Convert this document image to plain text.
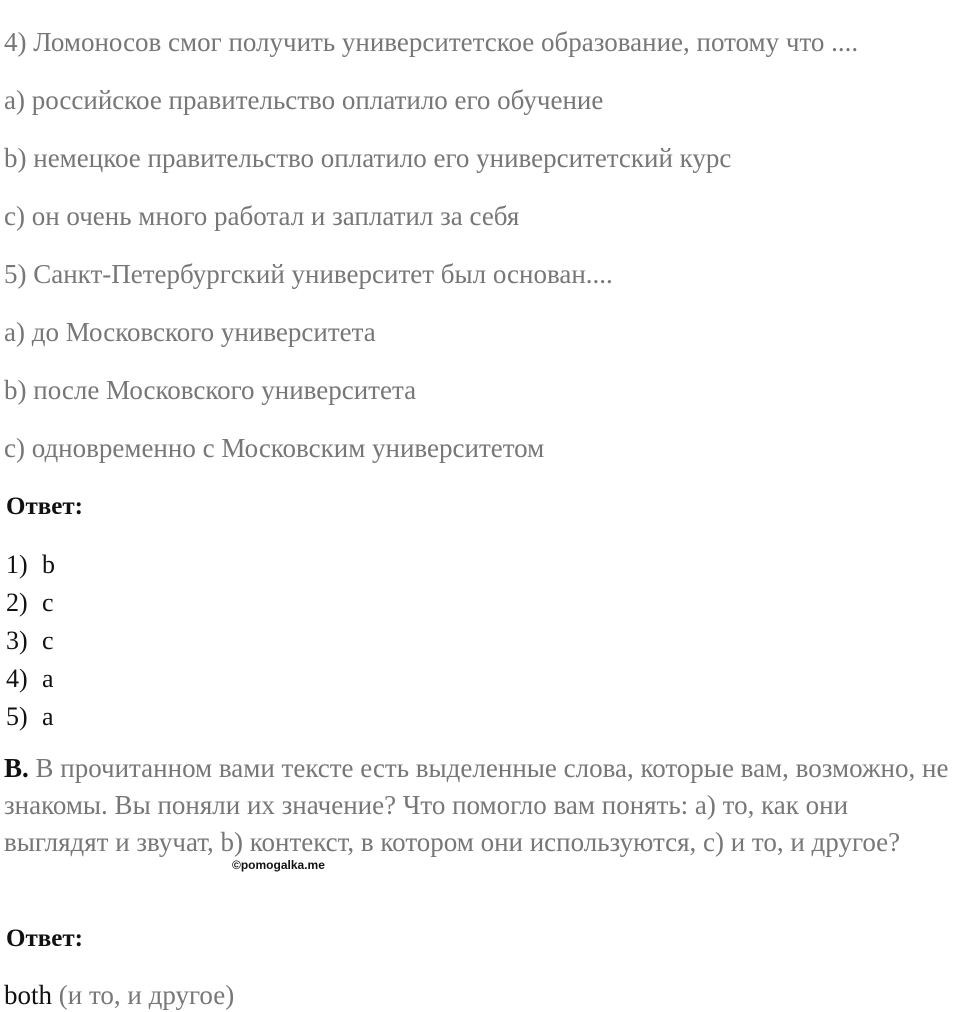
4) Ломоносов смог получить университетское образование, потому что ....
a) российское правительство оплатило его обучение
b) немецкое правительство оплатило его университетский курс
c) он очень много работал и заплатил за себя
5) Санкт-Петербургский университет был основан....
a) до Московского университета
b) после Московского университета
c) одновременно с Московским университетом
Ответ:
1) b
2) c
3) c
4) a
5) a
B. В прочитанном вами тексте есть выделенные слова, которые вам, возможно, не знакомы. Вы поняли их значение? Что помогло вам понять: a) то, как они выглядят и звучат, b) контекст, в котором они используются, c) и то, и другое?
©pomogalka.me
Ответ:
both (и то, и другое)
